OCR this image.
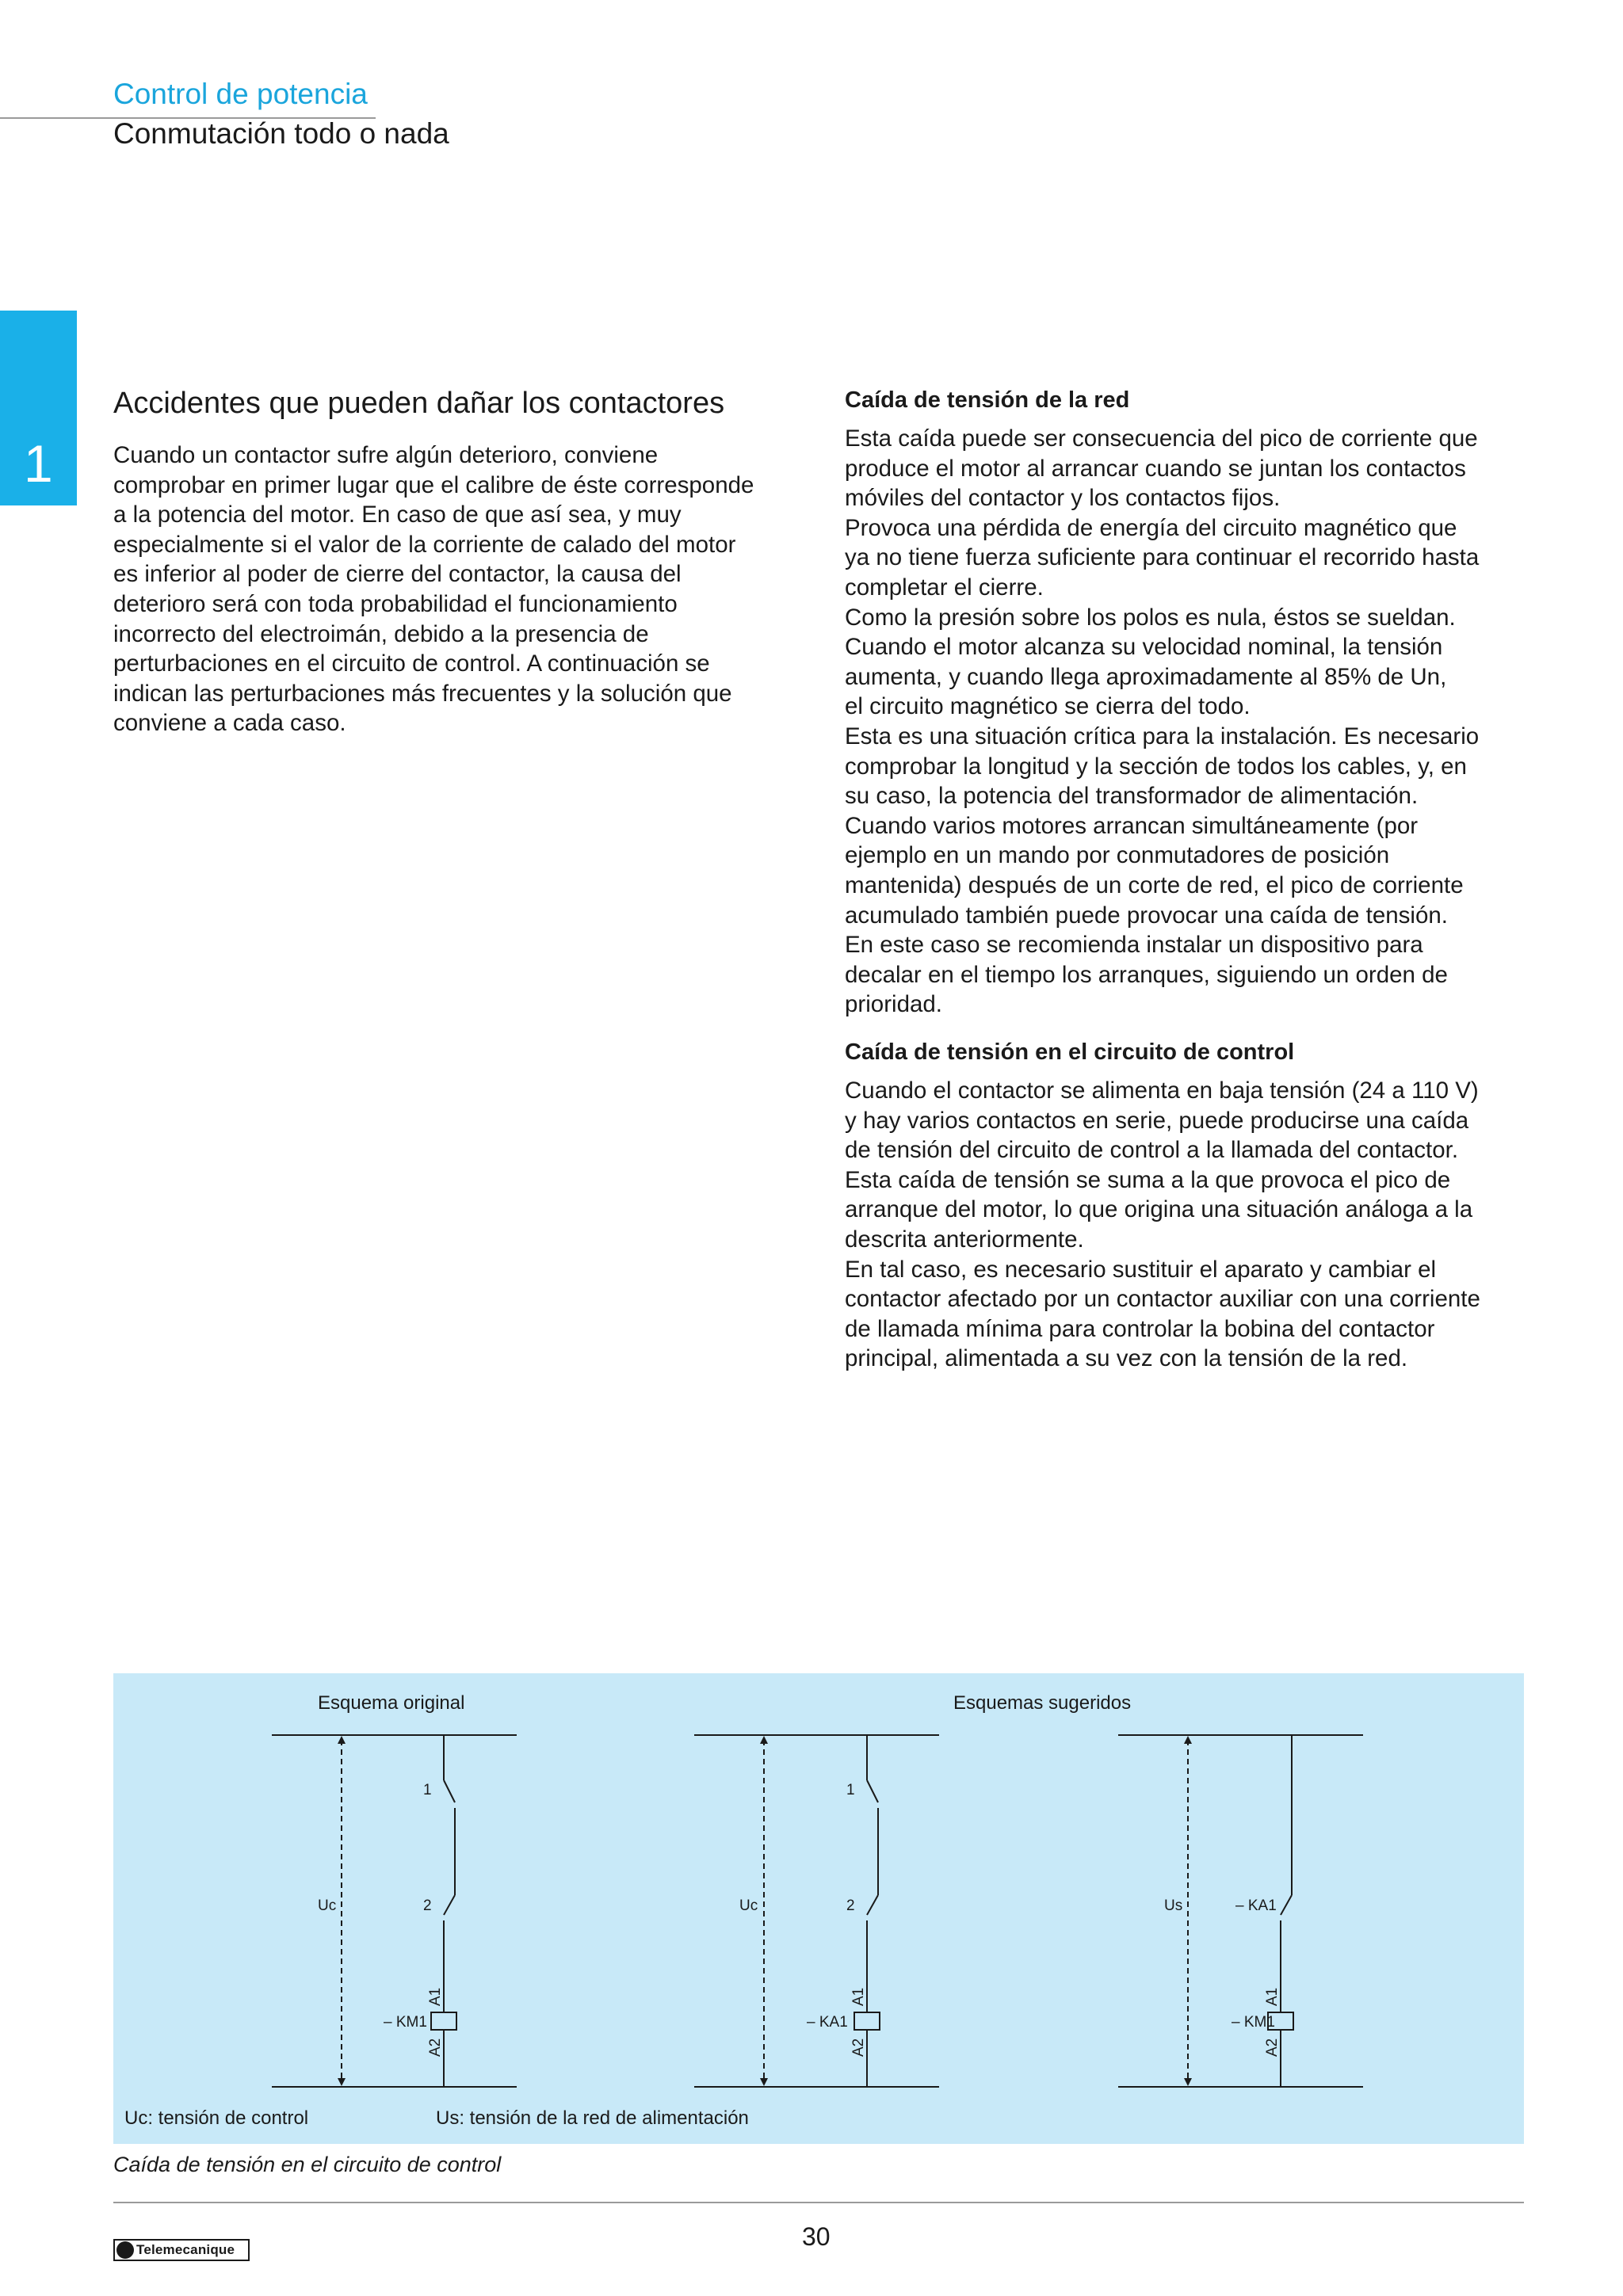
Control de potencia
Conmutación todo o nada
1
Accidentes que pueden dañar los contactores

Cuando un contactor sufre algún deterioro, conviene
comprobar en primer lugar que el calibre de éste corresponde
a la potencia del motor. En caso de que así sea, y muy
especialmente si el valor de la corriente de calado del motor
es inferior al poder de cierre del contactor, la causa del
deterioro será con toda probabilidad el funcionamiento
incorrecto del electroimán, debido a la presencia de
perturbaciones en el circuito de control. A continuación se
indican las perturbaciones más frecuentes y la solución que
conviene a cada caso.

Caída de tensión de la red

Esta caída puede ser consecuencia del pico de corriente que
produce el motor al arrancar cuando se juntan los contactos
móviles del contactor y los contactos fijos.
Provoca una pérdida de energía del circuito magnético que
ya no tiene fuerza suficiente para continuar el recorrido hasta
completar el cierre.
Como la presión sobre los polos es nula, éstos se sueldan.
Cuando el motor alcanza su velocidad nominal, la tensión
aumenta, y cuando llega aproximadamente al 85% de Un,
el circuito magnético se cierra del todo.
Esta es una situación crítica para la instalación. Es necesario
comprobar la longitud y la sección de todos los cables, y, en
su caso, la potencia del transformador de alimentación.
Cuando varios motores arrancan simultáneamente (por
ejemplo en un mando por conmutadores de posición
mantenida) después de un corte de red, el pico de corriente
acumulado también puede provocar una caída de tensión.
En este caso se recomienda instalar un dispositivo para
decalar en el tiempo los arranques, siguiendo un orden de
prioridad.

Caída de tensión en el circuito de control

Cuando el contactor se alimenta en baja tensión (24 a 110 V)
y hay varios contactos en serie, puede producirse una caída
de tensión del circuito de control a la llamada del contactor.
Esta caída de tensión se suma a la que provoca el pico de
arranque del motor, lo que origina una situación análoga a la
descrita anteriormente.
En tal caso, es necesario sustituir el aparato y cambiar el
contactor afectado por un contactor auxiliar con una corriente
de llamada mínima para controlar la bobina del contactor
principal, alimentada a su vez con la tensión de la red.

Esquema original	Esquemas sugeridos
1
2
Uc
– KM1
A1
A2
1
2
Uc
– KA1
A1
A2
– KA1
Us
– KM1
A1
A2
Uc: tensión de control	Us: tensión de la red de alimentación
Caída de tensión en el circuito de control
30
Telemecanique
